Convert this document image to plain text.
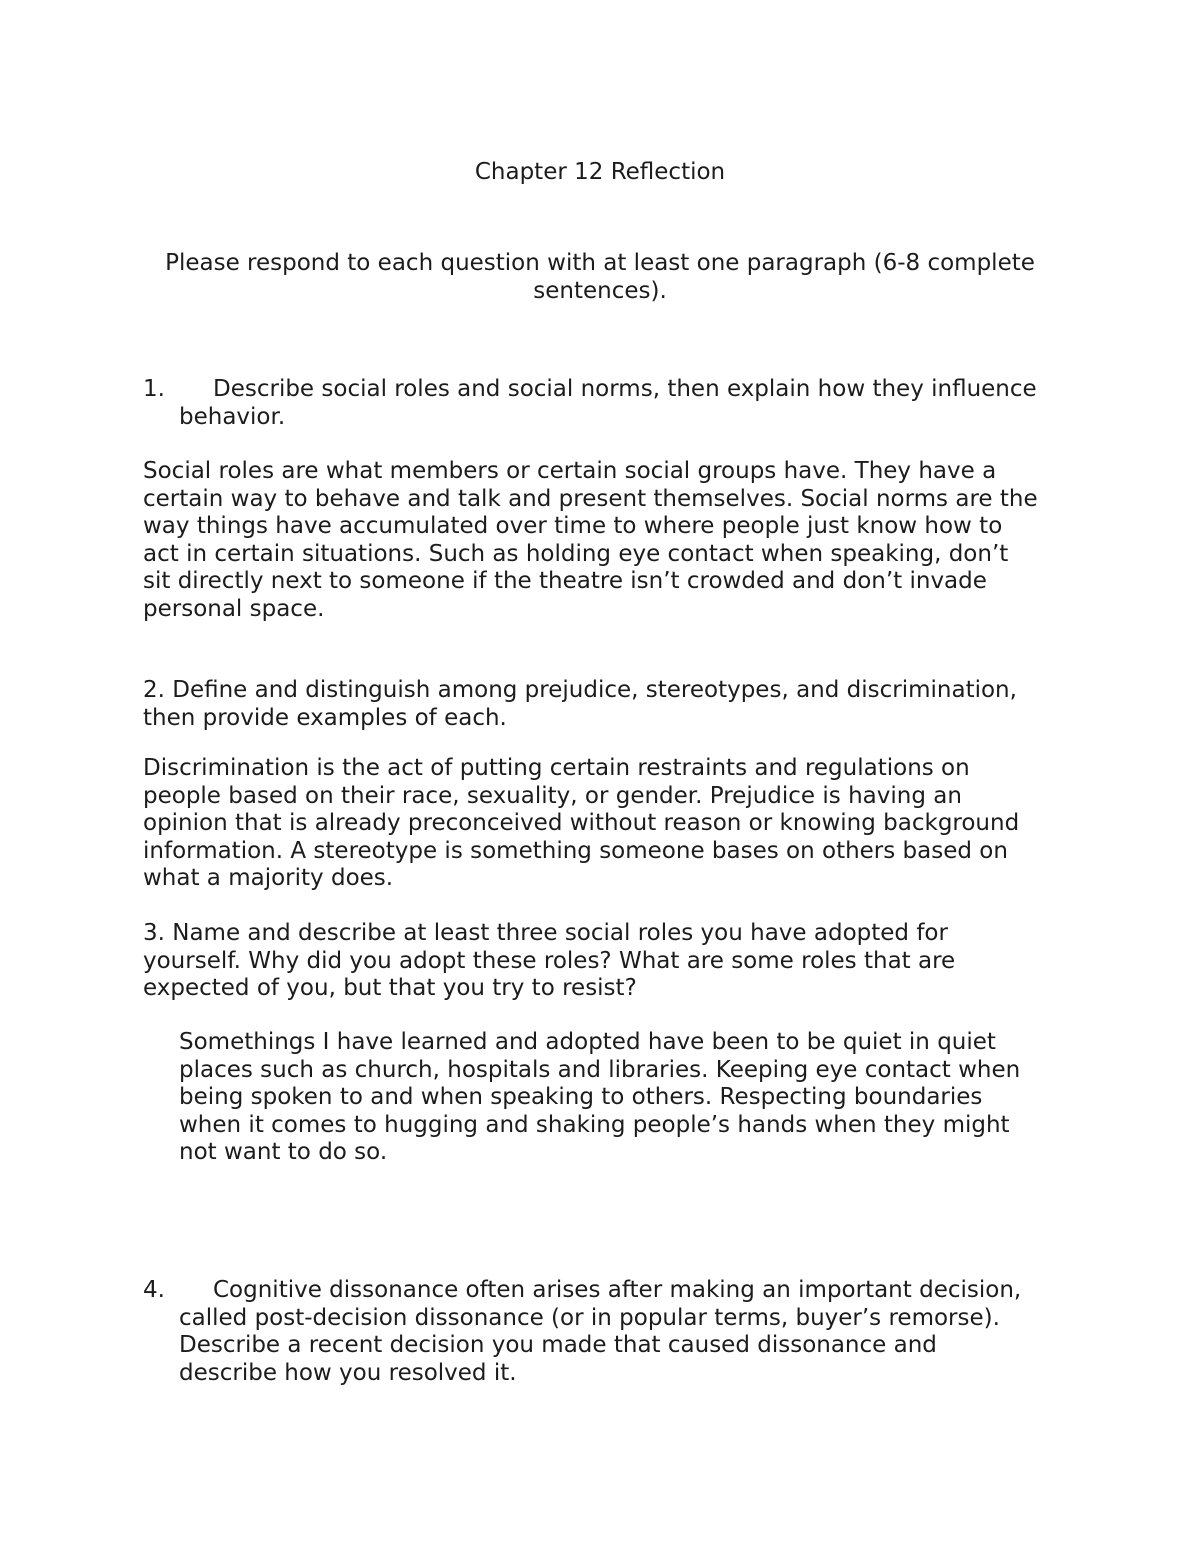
Chapter 12 Reflection
Please respond to each question with at least one paragraph (6-8 complete
sentences).
1. Describe social roles and social norms, then explain how they influence
behavior.
Social roles are what members or certain social groups have. They have a
certain way to behave and talk and present themselves. Social norms are the
way things have accumulated over time to where people just know how to
act in certain situations. Such as holding eye contact when speaking, don’t
sit directly next to someone if the theatre isn’t crowded and don’t invade
personal space.
2. Define and distinguish among prejudice, stereotypes, and discrimination,
then provide examples of each.
Discrimination is the act of putting certain restraints and regulations on
people based on their race, sexuality, or gender. Prejudice is having an
opinion that is already preconceived without reason or knowing background
information. A stereotype is something someone bases on others based on
what a majority does.
3. Name and describe at least three social roles you have adopted for
yourself. Why did you adopt these roles? What are some roles that are
expected of you, but that you try to resist?
Somethings I have learned and adopted have been to be quiet in quiet
places such as church, hospitals and libraries. Keeping eye contact when
being spoken to and when speaking to others. Respecting boundaries
when it comes to hugging and shaking people’s hands when they might
not want to do so.
4. Cognitive dissonance often arises after making an important decision,
called post-decision dissonance (or in popular terms, buyer’s remorse).
Describe a recent decision you made that caused dissonance and
describe how you resolved it.
